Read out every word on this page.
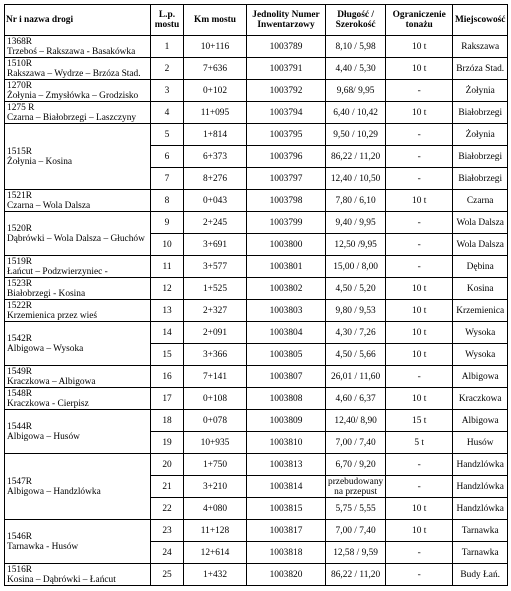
Nr i nazwa drogi	L.p. mostu	Km mostu	Jednolity Numer Inwentarzowy	Długość / Szerokość	Ograniczenie tonażu	Miejscowość

1368R
Trzeboś – Rakszawa - Basakówka	1	10+116	1003789	8,10 / 5,98	10 t	Rakszawa

1510R
Rakszawa – Wydrze – Brzóza Stad.	2	7+636	1003791	4,40 / 5,30	10 t	Brzóza Stad.

1270R
Żołynia – Zmysłówka – Grodzisko	3	0+102	1003792	9,68/ 9,95	-	Żołynia

1275 R
Czarna – Białobrzegi – Laszczyny	4	11+095	1003794	6,40 / 10,42	10 t	Białobrzegi

1515R
Żołynia – Kosina	5	1+814	1003795	9,50 / 10,29	-	Żołynia
	6	6+373	1003796	86,22 / 11,20	-	Białobrzegi
	7	8+276	1003797	12,40 / 10,50	-	Białobrzegi

1521R
Czarna – Wola Dalsza	8	0+043	1003798	7,80 / 6,10	10 t	Czarna

1520R
Dąbrówki – Wola Dalsza – Głuchów	9	2+245	1003799	9,40 / 9,95	-	Wola Dalsza
	10	3+691	1003800	12,50 /9,95	-	Wola Dalsza

1519R
Łańcut – Podzwierzyniec -	11	3+577	1003801	15,00 / 8,00	-	Dębina

1523R
Białobrzegi - Kosina	12	1+525	1003802	4,50 / 5,20	10 t	Kosina

1522R
Krzemienica przez wieś	13	2+327	1003803	9,80 / 9,53	10 t	Krzemienica

1542R
Albigowa – Wysoka	14	2+091	1003804	4,30 / 7,26	10 t	Wysoka
	15	3+366	1003805	4,50 / 5,66	10 t	Wysoka

1549R
Kraczkowa – Albigowa	16	7+141	1003807	26,01 / 11,60	-	Albigowa

1548R
Kraczkowa - Cierpisz	17	0+108	1003808	4,60 / 6,37	10 t	Kraczkowa

1544R
Albigowa – Husów	18	0+078	1003809	12,40/ 8,90	15 t	Albigowa
	19	10+935	1003810	7,00 / 7,40	5 t	Husów

1547R
Albigowa – Handzlówka	20	1+750	1003813	6,70 / 9,20	-	Handzlówka
	21	3+210	1003814	przebudowany na przepust	-	Handzlówka
	22	4+080	1003815	5,75 / 5,55	10 t	Handzlówka

1546R
Tarnawka - Husów	23	11+128	1003817	7,00 / 7,40	10 t	Tarnawka
	24	12+614	1003818	12,58 / 9,59	-	Tarnawka

1516R
Kosina – Dąbrówki – Łańcut	25	1+432	1003820	86,22 / 11,20	-	Budy Łań.
